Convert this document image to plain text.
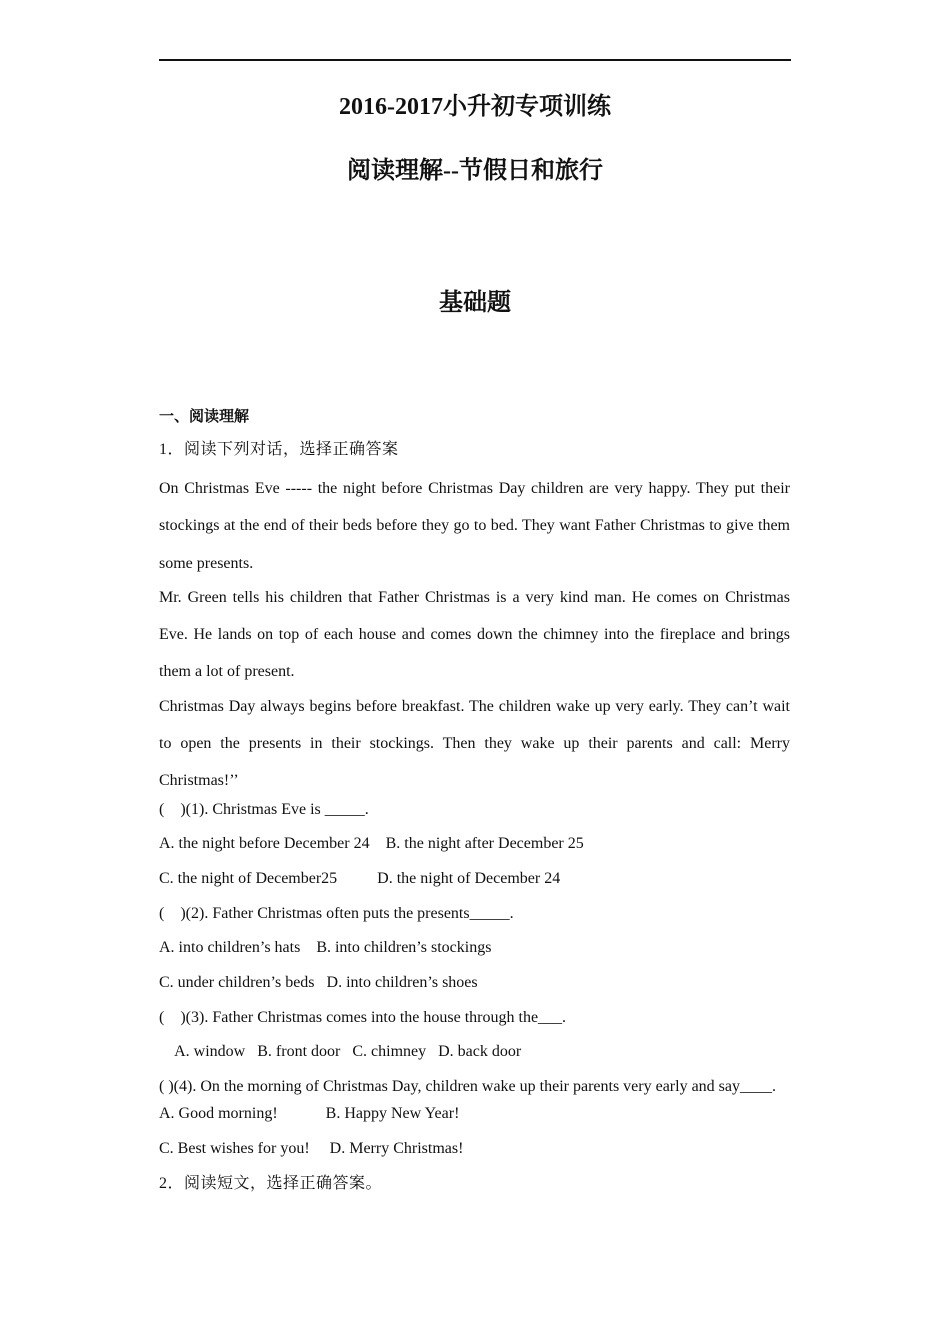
2016-2017小升初专项训练
阅读理解--节假日和旅行
基础题
一、阅读理解
1．阅读下列对话，选择正确答案
On Christmas Eve ----- the night before Christmas Day children are very happy. They put their stockings at the end of their beds before they go to bed. They want Father Christmas to give them some presents.
Mr. Green tells his children that Father Christmas is a very kind man. He comes on Christmas Eve. He lands on top of each house and comes down the chimney into the fireplace and brings them a lot of present.
Christmas Day always begins before breakfast. The children wake up very early. They can’t wait to open the presents in their stockings. Then they wake up their parents and call: Merry Christmas!’’
(    )(1). Christmas Eve is _____.
A. the night before December 24 B. the night after December 25
C. the night of December25	D. the night of December 24
(    )(2). Father Christmas often puts the presents_____.
A. into children’s hats B. into children’s stockings
C. under children’s beds D. into children’s shoes
(    )(3). Father Christmas comes into the house through the___.
A. window B. front door C. chimney D. back door
( )(4). On the morning of Christmas Day, children wake up their parents very early and say____.
A. Good morning!	B. Happy New Year!
C. Best wishes for you! D. Merry Christmas!
2．阅读短文，选择正确答案。
